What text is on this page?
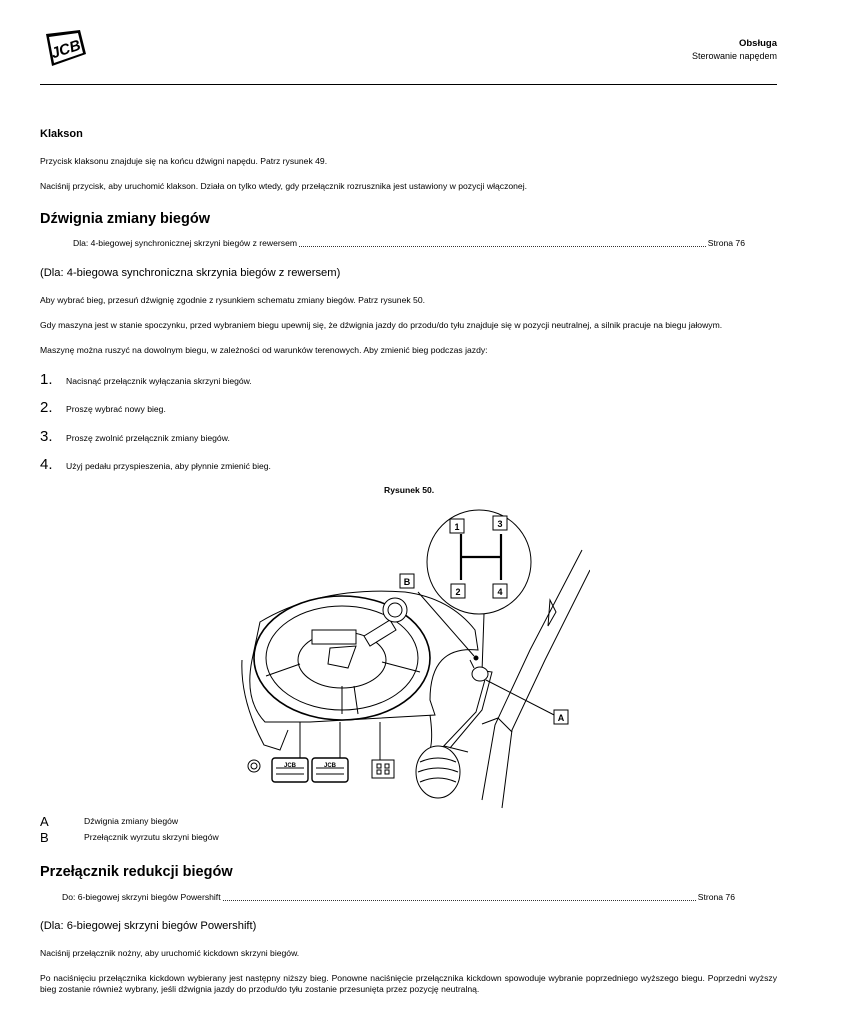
JCB	Obsługa
Sterowanie napędem
Klakson
Przycisk klaksonu znajduje się na końcu dźwigni napędu. Patrz rysunek 49.
Naciśnij przycisk, aby uruchomić klakson. Działa on tylko wtedy, gdy przełącznik rozrusznika jest ustawiony w pozycji włączonej.
Dźwignia zmiany biegów
Dla: 4-biegowej synchronicznej skrzyni biegów z rewersem	Strona 76
(Dla: 4-biegowa synchroniczna skrzynia biegów z rewersem)
Aby wybrać bieg, przesuń dźwignię zgodnie z rysunkiem schematu zmiany biegów. Patrz rysunek 50.
Gdy maszyna jest w stanie spoczynku, przed wybraniem biegu upewnij się, że dźwignia jazdy do przodu/do tyłu znajduje się w pozycji neutralnej, a silnik pracuje na biegu jałowym.
Maszynę można ruszyć na dowolnym biegu, w zależności od warunków terenowych. Aby zmienić bieg podczas jazdy:
1. Nacisnąć przełącznik wyłączania skrzyni biegów.
2. Proszę wybrać nowy bieg.
3. Proszę zwolnić przełącznik zmiany biegów.
4. Użyj pedału przyspieszenia, aby płynnie zmienić bieg.
Rysunek 50.
1	3
2	4
JCB	JCB
B
A
A	Dźwignia zmiany biegów
B	Przełącznik wyrzutu skrzyni biegów
Przełącznik redukcji biegów
Do: 6-biegowej skrzyni biegów Powershift	Strona 76
(Dla: 6-biegowej skrzyni biegów Powershift)
Naciśnij przełącznik nożny, aby uruchomić kickdown skrzyni biegów.
Po naciśnięciu przełącznika kickdown wybierany jest następny niższy bieg. Ponowne naciśnięcie przełącznika kickdown spowoduje wybranie poprzedniego wyższego biegu. Poprzedni wyższy bieg zostanie również wybrany, jeśli dźwignia jazdy do przodu/do tyłu zostanie przesunięta przez pozycję neutralną.
